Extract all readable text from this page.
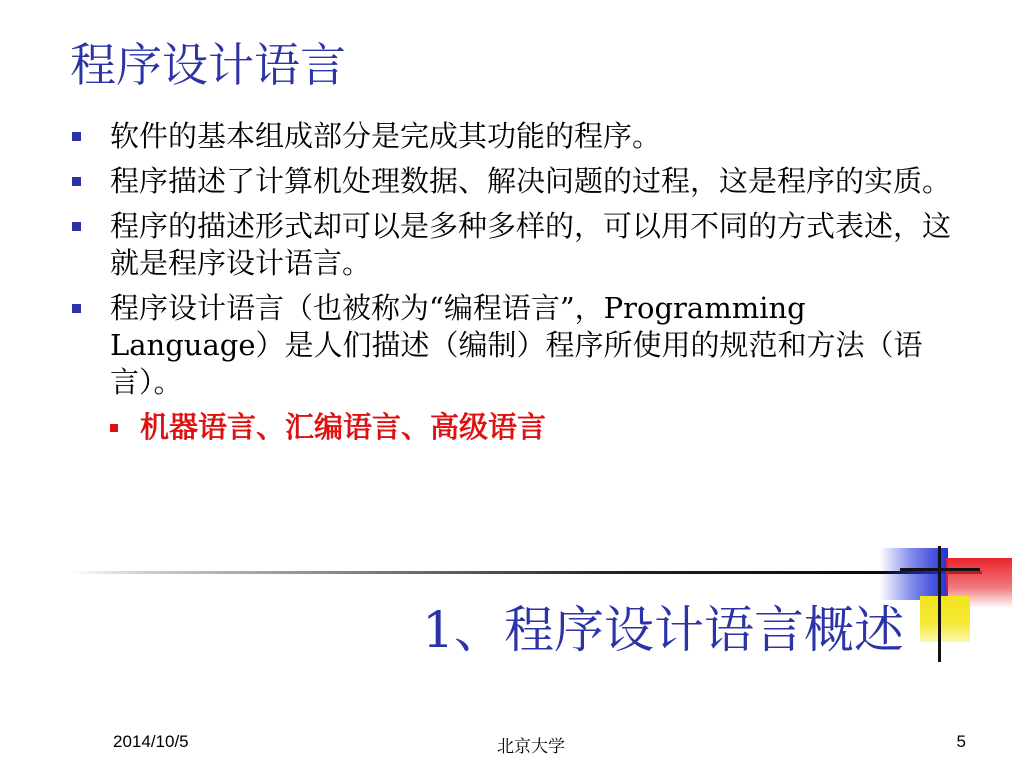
程序设计语言
软件的基本组成部分是完成其功能的程序。
程序描述了计算机处理数据、解决问题的过程，这是程序的实质。
程序的描述形式却可以是多种多样的，可以用不同的方式表述，这就是程序设计语言。
程序设计语言（也被称为“编程语言”，Programming Language）是人们描述（编制）程序所使用的规范和方法（语言）。
机器语言、汇编语言、高级语言
1、程序设计语言概述
2014/10/5	北京大学	5
